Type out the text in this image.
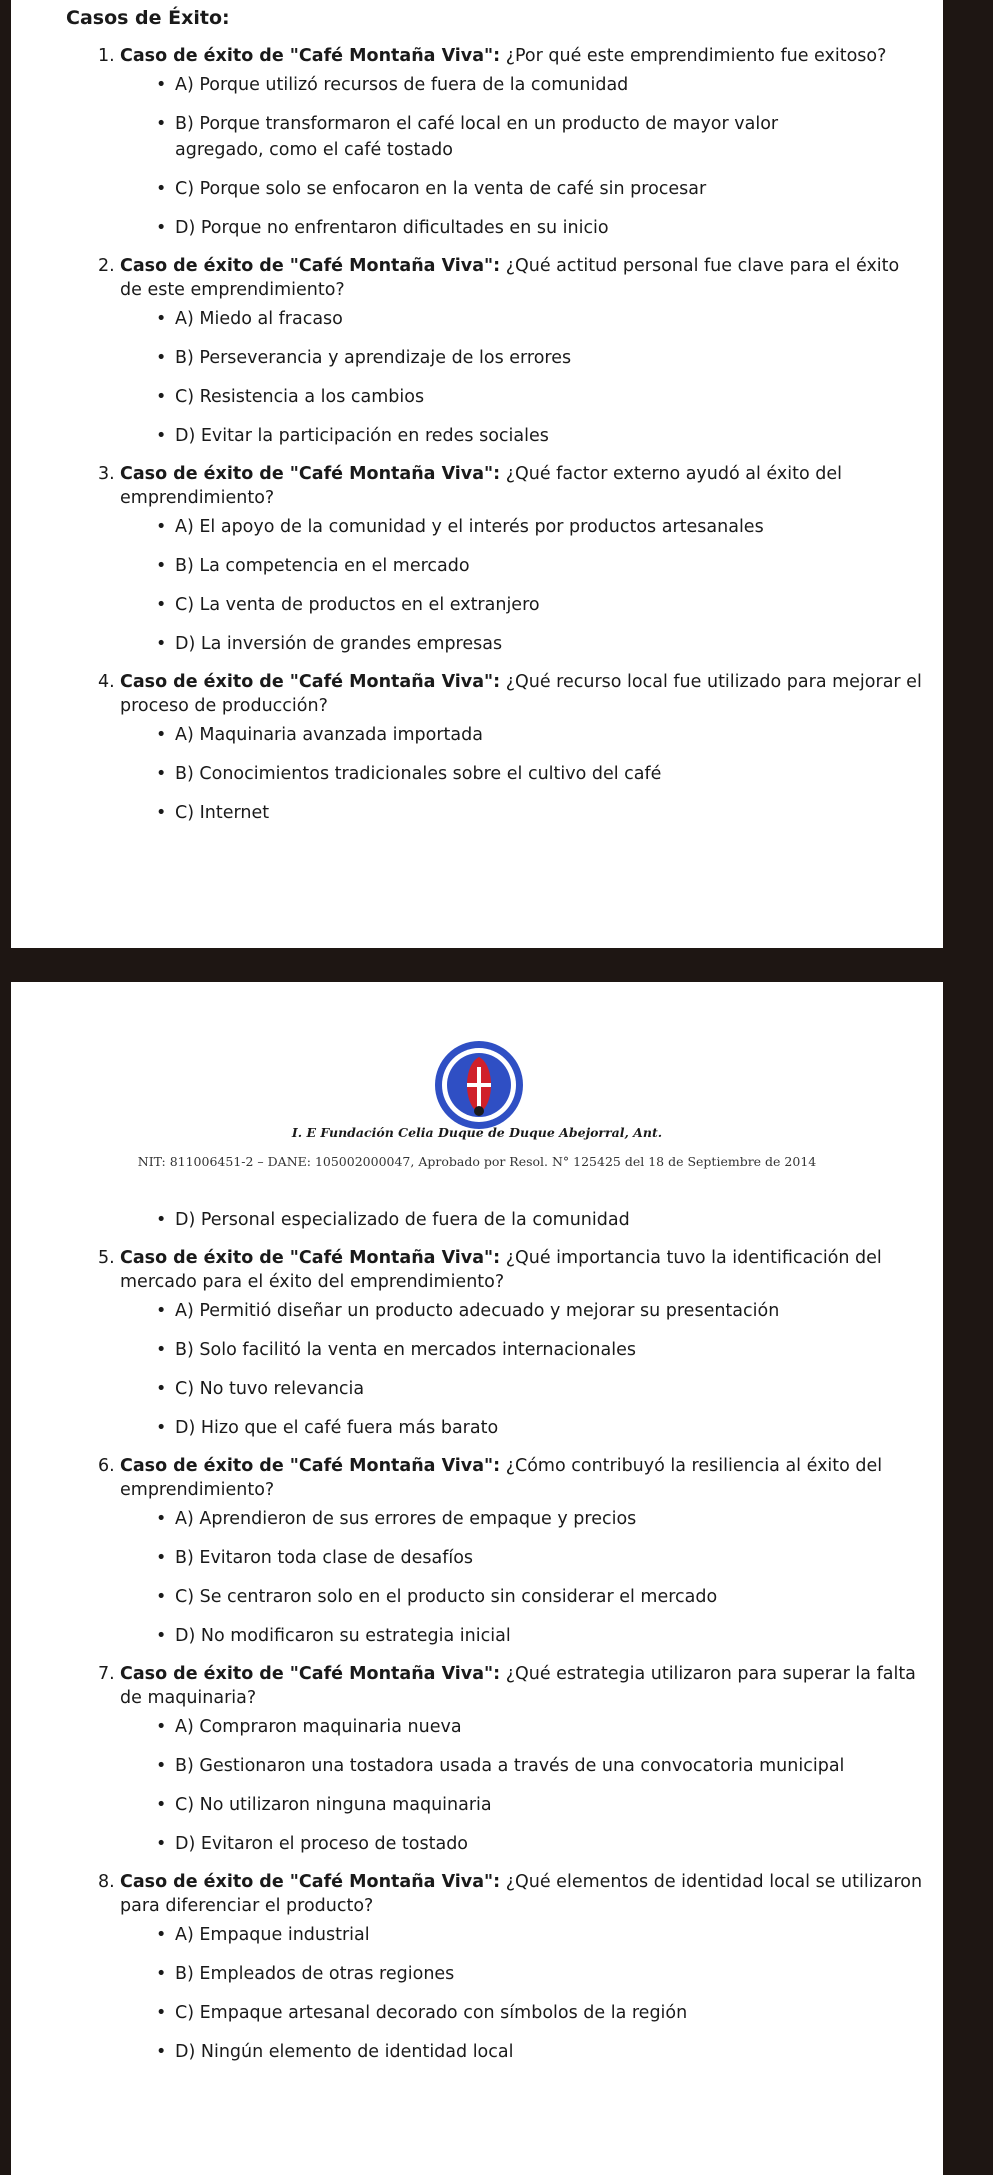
Casos de Éxito:
1. Caso de éxito de "Café Montaña Viva": ¿Por qué este emprendimiento fue exitoso?
• A) Porque utilizó recursos de fuera de la comunidad
• B) Porque transformaron el café local en un producto de mayor valor agregado, como el café tostado
• C) Porque solo se enfocaron en la venta de café sin procesar
• D) Porque no enfrentaron dificultades en su inicio
2. Caso de éxito de "Café Montaña Viva": ¿Qué actitud personal fue clave para el éxito de este emprendimiento?
• A) Miedo al fracaso
• B) Perseverancia y aprendizaje de los errores
• C) Resistencia a los cambios
• D) Evitar la participación en redes sociales
3. Caso de éxito de "Café Montaña Viva": ¿Qué factor externo ayudó al éxito del emprendimiento?
• A) El apoyo de la comunidad y el interés por productos artesanales
• B) La competencia en el mercado
• C) La venta de productos en el extranjero
• D) La inversión de grandes empresas
4. Caso de éxito de "Café Montaña Viva": ¿Qué recurso local fue utilizado para mejorar el proceso de producción?
• A) Maquinaria avanzada importada
• B) Conocimientos tradicionales sobre el cultivo del café
• C) Internet
I. E Fundación Celia Duque de Duque Abejorral, Ant.
NIT: 811006451-2 – DANE: 105002000047, Aprobado por Resol. N° 125425 del 18 de Septiembre de 2014
• D) Personal especializado de fuera de la comunidad
5. Caso de éxito de "Café Montaña Viva": ¿Qué importancia tuvo la identificación del mercado para el éxito del emprendimiento?
• A) Permitió diseñar un producto adecuado y mejorar su presentación
• B) Solo facilitó la venta en mercados internacionales
• C) No tuvo relevancia
• D) Hizo que el café fuera más barato
6. Caso de éxito de "Café Montaña Viva": ¿Cómo contribuyó la resiliencia al éxito del emprendimiento?
• A) Aprendieron de sus errores de empaque y precios
• B) Evitaron toda clase de desafíos
• C) Se centraron solo en el producto sin considerar el mercado
• D) No modificaron su estrategia inicial
7. Caso de éxito de "Café Montaña Viva": ¿Qué estrategia utilizaron para superar la falta de maquinaria?
• A) Compraron maquinaria nueva
• B) Gestionaron una tostadora usada a través de una convocatoria municipal
• C) No utilizaron ninguna maquinaria
• D) Evitaron el proceso de tostado
8. Caso de éxito de "Café Montaña Viva": ¿Qué elementos de identidad local se utilizaron para diferenciar el producto?
• A) Empaque industrial
• B) Empleados de otras regiones
• C) Empaque artesanal decorado con símbolos de la región
• D) Ningún elemento de identidad local
